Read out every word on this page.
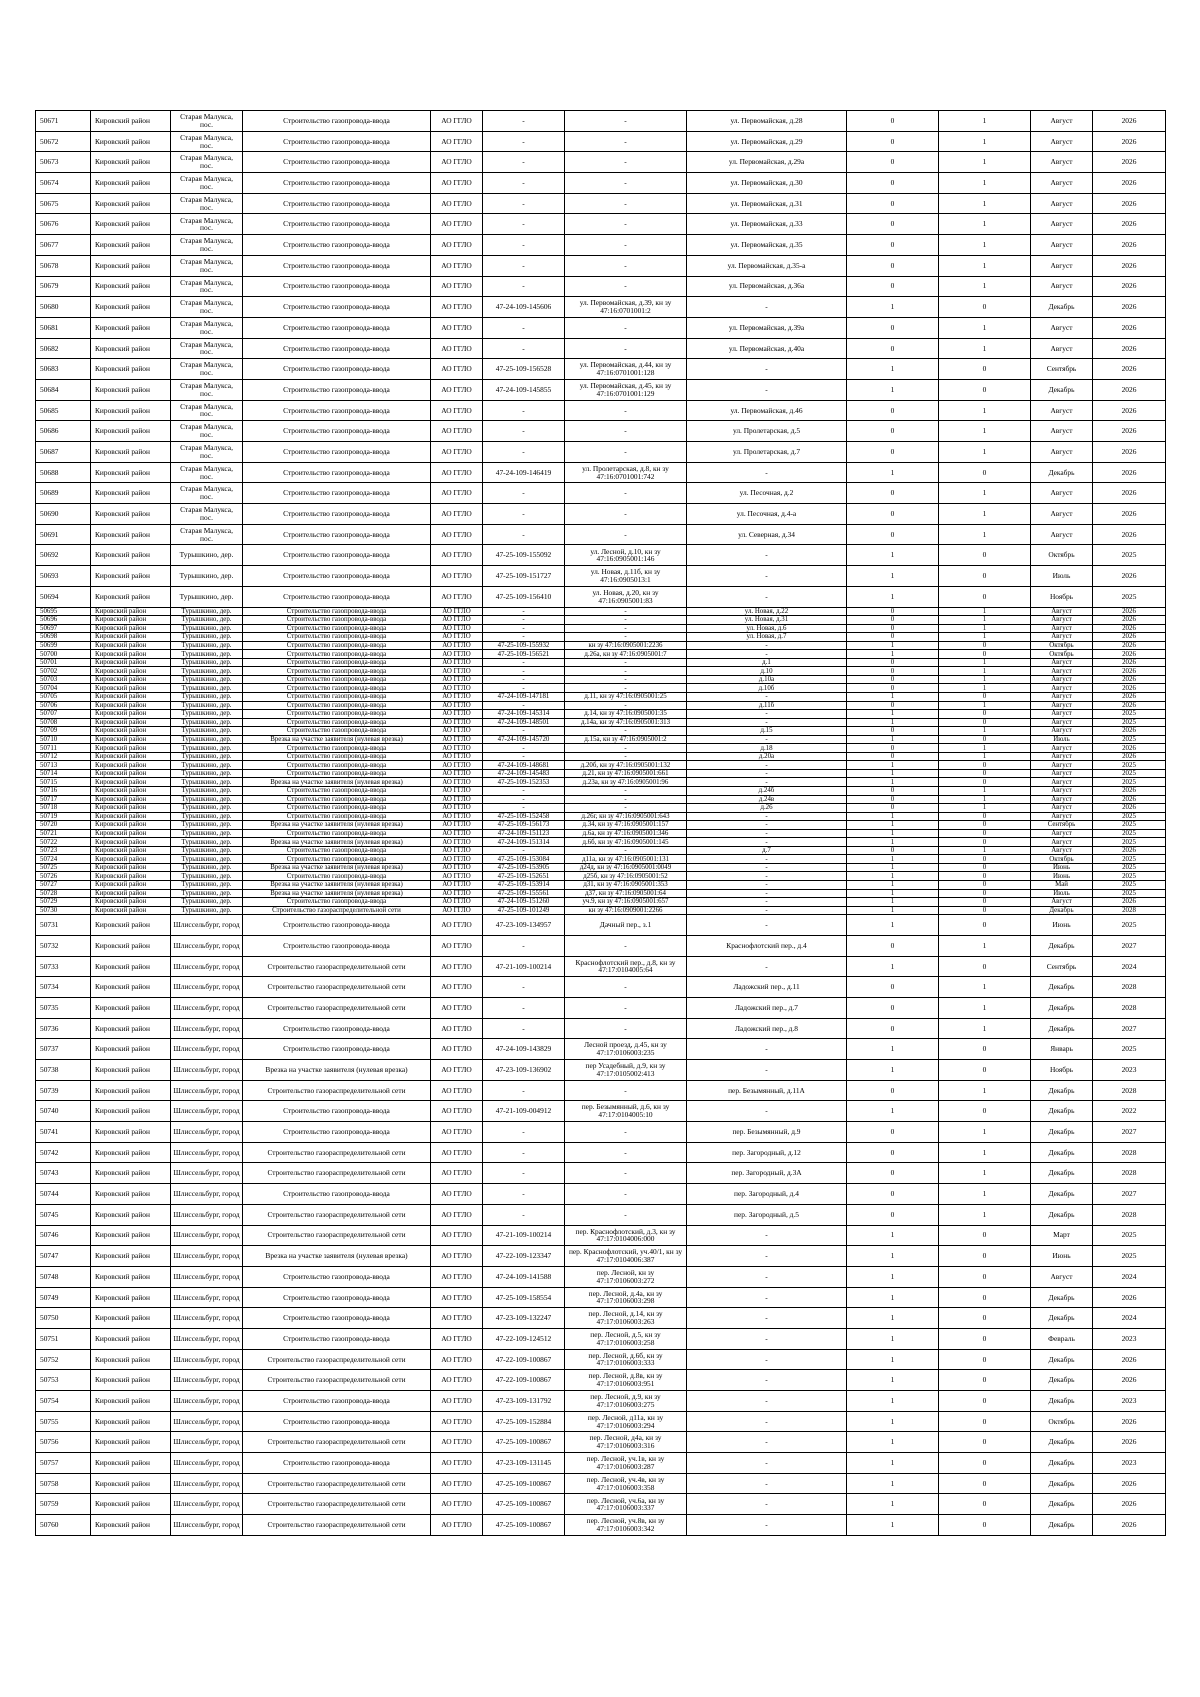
50671	Кировский район	Старая Малукса, пос.	Строительство газопровода-ввода	АО ГГЛО	-	-	ул. Первомайская, д.28	0	1	Август	2026
50672	Кировский район	Старая Малукса, пос.	Строительство газопровода-ввода	АО ГГЛО	-	-	ул. Первомайская, д.29	0	1	Август	2026
50673	Кировский район	Старая Малукса, пос.	Строительство газопровода-ввода	АО ГГЛО	-	-	ул. Первомайская, д.29а	0	1	Август	2026
50674	Кировский район	Старая Малукса, пос.	Строительство газопровода-ввода	АО ГГЛО	-	-	ул. Первомайская, д.30	0	1	Август	2026
50675	Кировский район	Старая Малукса, пос.	Строительство газопровода-ввода	АО ГГЛО	-	-	ул. Первомайская, д.31	0	1	Август	2026
50676	Кировский район	Старая Малукса, пос.	Строительство газопровода-ввода	АО ГГЛО	-	-	ул. Первомайская, д.33	0	1	Август	2026
50677	Кировский район	Старая Малукса, пос.	Строительство газопровода-ввода	АО ГГЛО	-	-	ул. Первомайская, д.35	0	1	Август	2026
50678	Кировский район	Старая Малукса, пос.	Строительство газопровода-ввода	АО ГГЛО	-	-	ул. Первомайская, д.35-а	0	1	Август	2026
50679	Кировский район	Старая Малукса, пос.	Строительство газопровода-ввода	АО ГГЛО	-	-	ул. Первомайская, д.36а	0	1	Август	2026
50680	Кировский район	Старая Малукса, пос.	Строительство газопровода-ввода	АО ГГЛО	47-24-109-145606	ул. Первомайская, д.39, кн зу 47:16:0701001:2	-	1	0	Декабрь	2026
50681	Кировский район	Старая Малукса, пос.	Строительство газопровода-ввода	АО ГГЛО	-	-	ул. Первомайская, д.39а	0	1	Август	2026
50682	Кировский район	Старая Малукса, пос.	Строительство газопровода-ввода	АО ГГЛО	-	-	ул. Первомайская, д.40а	0	1	Август	2026
50683	Кировский район	Старая Малукса, пос.	Строительство газопровода-ввода	АО ГГЛО	47-25-109-156528	ул. Первомайская, д.44, кн зу 47:16:0701001:128	-	1	0	Сентябрь	2026
50684	Кировский район	Старая Малукса, пос.	Строительство газопровода-ввода	АО ГГЛО	47-24-109-145855	ул. Первомайская, д.45, кн зу 47:16:0701001:129	-	1	0	Декабрь	2026
50685	Кировский район	Старая Малукса, пос.	Строительство газопровода-ввода	АО ГГЛО	-	-	ул. Первомайская, д.46	0	1	Август	2026
50686	Кировский район	Старая Малукса, пос.	Строительство газопровода-ввода	АО ГГЛО	-	-	ул. Пролетарская, д.5	0	1	Август	2026
50687	Кировский район	Старая Малукса, пос.	Строительство газопровода-ввода	АО ГГЛО	-	-	ул. Пролетарская, д.7	0	1	Август	2026
50688	Кировский район	Старая Малукса, пос.	Строительство газопровода-ввода	АО ГГЛО	47-24-109-146419	ул. Пролетарская, д.8, кн зу 47:16:0701001:742	-	1	0	Декабрь	2026
50689	Кировский район	Старая Малукса, пос.	Строительство газопровода-ввода	АО ГГЛО	-	-	ул. Песочная, д.2	0	1	Август	2026
50690	Кировский район	Старая Малукса, пос.	Строительство газопровода-ввода	АО ГГЛО	-	-	ул. Песочная, д.4-а	0	1	Август	2026
50691	Кировский район	Старая Малукса, пос.	Строительство газопровода-ввода	АО ГГЛО	-	-	ул. Северная, д.34	0	1	Август	2026
50692	Кировский район	Турышкино, дер.	Строительство газопровода-ввода	АО ГГЛО	47-25-109-155092	ул. Лесной, д.10, кн зу 47:16:0905001:146	-	1	0	Октябрь	2025
50693	Кировский район	Турышкино, дер.	Строительство газопровода-ввода	АО ГГЛО	47-25-109-151727	ул. Новая, д.11б, кн зу 47:16:0905013:1	-	1	0	Июль	2026
50694	Кировский район	Турышкино, дер.	Строительство газопровода-ввода	АО ГГЛО	47-25-109-156410	ул. Новая, д.20, кн зу 47:16:0905001:83	-	1	0	Ноябрь	2025
50695	Кировский район	Турышкино, дер.	Строительство газопровода-ввода	АО ГГЛО	-	-	ул. Новая, д.22	0	1	Август	2026
50696	Кировский район	Турышкино, дер.	Строительство газопровода-ввода	АО ГГЛО	-	-	ул. Новая, д.31	0	1	Август	2026
50697	Кировский район	Турышкино, дер.	Строительство газопровода-ввода	АО ГГЛО	-	-	ул. Новая, д.6	0	1	Август	2026
50698	Кировский район	Турышкино, дер.	Строительство газопровода-ввода	АО ГГЛО	-	-	ул. Новая, д.7	0	1	Август	2026
50699	Кировский район	Турышкино, дер.	Строительство газопровода-ввода	АО ГГЛО	47-25-109-155932	кн зу 47:16:0905001:2236	-	1	0	Октябрь	2026
50700	Кировский район	Турышкино, дер.	Строительство газопровода-ввода	АО ГГЛО	47-25-109-156521	д.26а, кн зу 47:16:0905001:7	-	1	0	Октябрь	2026
50701	Кировский район	Турышкино, дер.	Строительство газопровода-ввода	АО ГГЛО	-	-	д.1	0	1	Август	2026
50702	Кировский район	Турышкино, дер.	Строительство газопровода-ввода	АО ГГЛО	-	-	д.10	0	1	Август	2026
50703	Кировский район	Турышкино, дер.	Строительство газопровода-ввода	АО ГГЛО	-	-	д.10а	0	1	Август	2026
50704	Кировский район	Турышкино, дер.	Строительство газопровода-ввода	АО ГГЛО	-	-	д.10б	0	1	Август	2026
50705	Кировский район	Турышкино, дер.	Строительство газопровода-ввода	АО ГГЛО	47-24-109-147181	д.11, кн зу 47:16:0905001:25	-	1	0	Август	2026
50706	Кировский район	Турышкино, дер.	Строительство газопровода-ввода	АО ГГЛО	-	-	д.11б	0	1	Август	2026
50707	Кировский район	Турышкино, дер.	Строительство газопровода-ввода	АО ГГЛО	47-24-109-145314	д.14, кн зу 47:16:0905001:35	-	1	0	Август	2025
50708	Кировский район	Турышкино, дер.	Строительство газопровода-ввода	АО ГГЛО	47-24-109-148501	д.14а, кн зу 47:16:0905001:313	-	1	0	Август	2025
50709	Кировский район	Турышкино, дер.	Строительство газопровода-ввода	АО ГГЛО	-	-	д.15	0	1	Август	2026
50710	Кировский район	Турышкино, дер.	Врезка на участке заявителя (нулевая врезка)	АО ГГЛО	47-24-109-145720	д.15а, кн зу 47:16:0905001:2	-	1	0	Июль	2025
50711	Кировский район	Турышкино, дер.	Строительство газопровода-ввода	АО ГГЛО	-	-	д.18	0	1	Август	2026
50712	Кировский район	Турышкино, дер.	Строительство газопровода-ввода	АО ГГЛО	-	-	д.20а	0	1	Август	2026
50713	Кировский район	Турышкино, дер.	Строительство газопровода-ввода	АО ГГЛО	47-24-109-148681	д.20б, кн зу 47:16:0905001:132	-	1	0	Август	2025
50714	Кировский район	Турышкино, дер.	Строительство газопровода-ввода	АО ГГЛО	47-24-109-145483	д.21, кн зу 47:16:0905001:661	-	1	0	Август	2025
50715	Кировский район	Турышкино, дер.	Врезка на участке заявителя (нулевая врезка)	АО ГГЛО	47-25-109-152353	д.23а, кн зу 47:16:0905001:96	-	1	0	Август	2025
50716	Кировский район	Турышкино, дер.	Строительство газопровода-ввода	АО ГГЛО	-	-	д.24б	0	1	Август	2026
50717	Кировский район	Турышкино, дер.	Строительство газопровода-ввода	АО ГГЛО	-	-	д.24в	0	1	Август	2026
50718	Кировский район	Турышкино, дер.	Строительство газопровода-ввода	АО ГГЛО	-	-	д.26	0	1	Август	2026
50719	Кировский район	Турышкино, дер.	Строительство газопровода-ввода	АО ГГЛО	47-25-109-152458	д.26г, кн зу 47:16:0905001:643	-	1	0	Август	2025
50720	Кировский район	Турышкино, дер.	Врезка на участке заявителя (нулевая врезка)	АО ГГЛО	47-25-109-156173	д.34, кн зу 47:16:0905001:157	-	1	0	Сентябрь	2025
50721	Кировский район	Турышкино, дер.	Строительство газопровода-ввода	АО ГГЛО	47-24-109-151123	д.6а, кн зу 47:16:0905001:346	-	1	0	Август	2025
50722	Кировский район	Турышкино, дер.	Врезка на участке заявителя (нулевая врезка)	АО ГГЛО	47-24-109-151314	д.6б, кн зу 47:16:0905001:145	-	1	0	Август	2025
50723	Кировский район	Турышкино, дер.	Строительство газопровода-ввода	АО ГГЛО	-	-	д.7	0	1	Август	2026
50724	Кировский район	Турышкино, дер.	Строительство газопровода-ввода	АО ГГЛО	47-25-109-153084	д11а, кн зу 47:16:0905001:131	-	1	0	Октябрь	2025
50725	Кировский район	Турышкино, дер.	Врезка на участке заявителя (нулевая врезка)	АО ГГЛО	47-25-109-153905	д24д, кн зу 47:16:0905001:0049	-	1	0	Июнь	2025
50726	Кировский район	Турышкино, дер.	Строительство газопровода-ввода	АО ГГЛО	47-25-109-152651	д25б, кн зу 47:16:0905001:52	-	1	0	Июнь	2025
50727	Кировский район	Турышкино, дер.	Врезка на участке заявителя (нулевая врезка)	АО ГГЛО	47-25-109-153914	д31, кн зу 47:16:0905001:353	-	1	0	Май	2025
50728	Кировский район	Турышкино, дер.	Врезка на участке заявителя (нулевая врезка)	АО ГГЛО	47-25-109-155561	д37, кн зу 47:16:0905001:64	-	1	0	Июль	2025
50729	Кировский район	Турышкино, дер.	Строительство газопровода-ввода	АО ГГЛО	47-24-109-151260	уч.9, кн зу 47:16:0905001:657	-	1	0	Август	2026
50730	Кировский район	Турышкино, дер.	Строительство газораспределительной сети	АО ГГЛО	47-25-109-101249	кн зу 47:16:0909001:2266	-	1	0	Декабрь	2028
50731	Кировский район	Шлиссельбург, город	Строительство газопровода-ввода	АО ГГЛО	47-23-109-134957	Дачный пер., з.1	-	1	0	Июнь	2025
50732	Кировский район	Шлиссельбург, город	Строительство газопровода-ввода	АО ГГЛО	-	-	Краснофлотский пер., д.4	0	1	Декабрь	2027
50733	Кировский район	Шлиссельбург, город	Строительство газораспределительной сети	АО ГГЛО	47-21-109-100214	Краснофлотский пер., д.8, кн зу 47:17:0104005:64	-	1	0	Сентябрь	2024
50734	Кировский район	Шлиссельбург, город	Строительство газораспределительной сети	АО ГГЛО	-	-	Ладожский пер., д.11	0	1	Декабрь	2028
50735	Кировский район	Шлиссельбург, город	Строительство газораспределительной сети	АО ГГЛО	-	-	Ладожский пер., д.7	0	1	Декабрь	2028
50736	Кировский район	Шлиссельбург, город	Строительство газопровода-ввода	АО ГГЛО	-	-	Ладожский пер., д.8	0	1	Декабрь	2027
50737	Кировский район	Шлиссельбург, город	Строительство газопровода-ввода	АО ГГЛО	47-24-109-143829	Лесной проезд, д.45, кн зу 47:17:0106003:235	-	1	0	Январь	2025
50738	Кировский район	Шлиссельбург, город	Врезка на участке заявителя (нулевая врезка)	АО ГГЛО	47-23-109-136902	пер Усадебный, д.9, кн зу 47:17:0105002:413	-	1	0	Ноябрь	2023
50739	Кировский район	Шлиссельбург, город	Строительство газораспределительной сети	АО ГГЛО	-	-	пер. Безымянный, д.11А	0	1	Декабрь	2028
50740	Кировский район	Шлиссельбург, город	Строительство газопровода-ввода	АО ГГЛО	47-21-109-004912	пер. Безымянный, д.6, кн зу 47:17:0104005:10	-	1	0	Декабрь	2022
50741	Кировский район	Шлиссельбург, город	Строительство газопровода-ввода	АО ГГЛО	-	-	пер. Безымянный, д.9	0	1	Декабрь	2027
50742	Кировский район	Шлиссельбург, город	Строительство газораспределительной сети	АО ГГЛО	-	-	пер. Загородный, д.12	0	1	Декабрь	2028
50743	Кировский район	Шлиссельбург, город	Строительство газораспределительной сети	АО ГГЛО	-	-	пер. Загородный, д.3А	0	1	Декабрь	2028
50744	Кировский район	Шлиссельбург, город	Строительство газопровода-ввода	АО ГГЛО	-	-	пер. Загородный, д.4	0	1	Декабрь	2027
50745	Кировский район	Шлиссельбург, город	Строительство газораспределительной сети	АО ГГЛО	-	-	пер. Загородный, д.5	0	1	Декабрь	2028
50746	Кировский район	Шлиссельбург, город	Строительство газораспределительной сети	АО ГГЛО	47-21-109-100214	пер. Краснофлотский, д.3, кн зу 47:17:0104006:000	-	1	0	Март	2025
50747	Кировский район	Шлиссельбург, город	Врезка на участке заявителя (нулевая врезка)	АО ГГЛО	47-22-109-123347	пер. Краснофлотский, уч.40/1, кн зу 47:17:0104006:387	-	1	0	Июнь	2025
50748	Кировский район	Шлиссельбург, город	Строительство газопровода-ввода	АО ГГЛО	47-24-109-141588	пер. Лесной, кн зу 47:17:0106003:272	-	1	0	Август	2024
50749	Кировский район	Шлиссельбург, город	Строительство газопровода-ввода	АО ГГЛО	47-25-109-158554	пер. Лесной, д.4а, кн зу 47:17:0106003:298	-	1	0	Декабрь	2026
50750	Кировский район	Шлиссельбург, город	Строительство газопровода-ввода	АО ГГЛО	47-23-109-132247	пер. Лесной, д.14, кн зу 47:17:0106003:263	-	1	0	Декабрь	2024
50751	Кировский район	Шлиссельбург, город	Строительство газопровода-ввода	АО ГГЛО	47-22-109-124512	пер. Лесной, д.5, кн зу 47:17:0106003:258	-	1	0	Февраль	2023
50752	Кировский район	Шлиссельбург, город	Строительство газораспределительной сети	АО ГГЛО	47-22-109-100867	пер. Лесной, д.6б, кн зу 47:17:0106003:333	-	1	0	Декабрь	2026
50753	Кировский район	Шлиссельбург, город	Строительство газораспределительной сети	АО ГГЛО	47-22-109-100867	пер. Лесной, д.8в, кн зу 47:17:0106003:951	-	1	0	Декабрь	2026
50754	Кировский район	Шлиссельбург, город	Строительство газопровода-ввода	АО ГГЛО	47-23-109-131792	пер. Лесной, д.9, кн зу 47:17:0106003:275	-	1	0	Декабрь	2023
50755	Кировский район	Шлиссельбург, город	Строительство газопровода-ввода	АО ГГЛО	47-25-109-152884	пер. Лесной, д11а, кн зу 47:17:0106003:294	-	1	0	Октябрь	2026
50756	Кировский район	Шлиссельбург, город	Строительство газораспределительной сети	АО ГГЛО	47-25-109-100867	пер. Лесной, д4а, кн зу 47:17:0106003:316	-	1	0	Декабрь	2026
50757	Кировский район	Шлиссельбург, город	Строительство газопровода-ввода	АО ГГЛО	47-23-109-131145	пер. Лесной, уч.1в, кн зу 47:17:0106003:287	-	1	0	Декабрь	2023
50758	Кировский район	Шлиссельбург, город	Строительство газораспределительной сети	АО ГГЛО	47-25-109-100867	пер. Лесной, уч.4в, кн зу 47:17:0106003:358	-	1	0	Декабрь	2026
50759	Кировский район	Шлиссельбург, город	Строительство газораспределительной сети	АО ГГЛО	47-25-109-100867	пер. Лесной, уч.6а, кн зу 47:17:0106003:337	-	1	0	Декабрь	2026
50760	Кировский район	Шлиссельбург, город	Строительство газораспределительной сети	АО ГГЛО	47-25-109-100867	пер. Лесной, уч.8в, кн зу 47:17:0106003:342	-	1	0	Декабрь	2026
